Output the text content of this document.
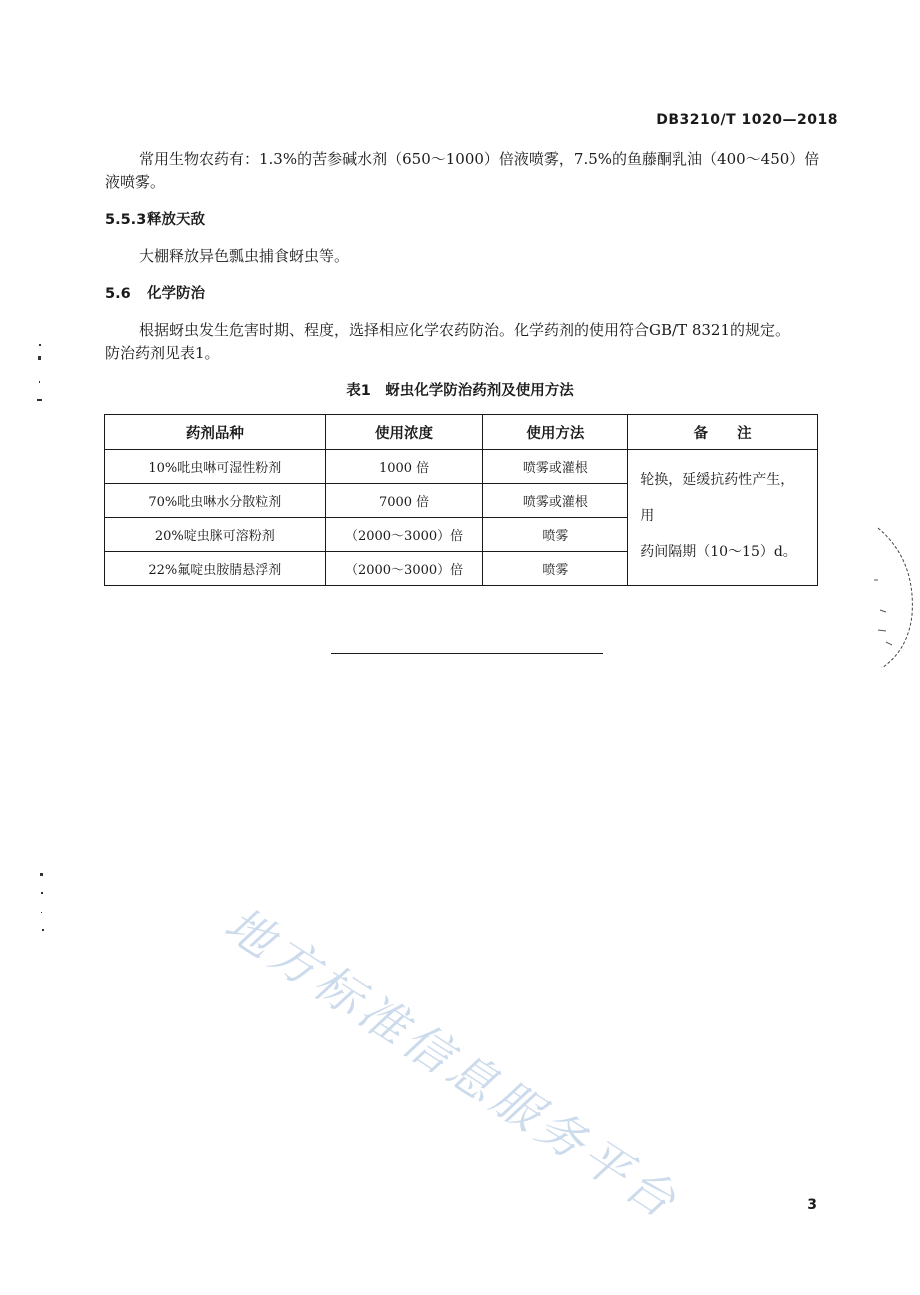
DB3210/T 1020—2018
常用生物农药有：1.3%的苦参碱水剂（650～1000）倍液喷雾，7.5%的鱼藤酮乳油（400～450）倍
液喷雾。
5.5.3释放天敌
大棚释放异色瓢虫捕食蚜虫等。
5.6 化学防治
根据蚜虫发生危害时期、程度，选择相应化学农药防治。化学药剂的使用符合GB/T 8321的规定。
防治药剂见表1。
表1　蚜虫化学防治药剂及使用方法
药剂品种	使用浓度	使用方法	备　　注
10%吡虫啉可湿性粉剂	1000 倍	喷雾或灌根	轮换，延缓抗药性产生，用
药间隔期（10～15）d。

70%吡虫啉水分散粒剂	7000 倍	喷雾或灌根	
20%啶虫脒可溶粉剂	（2000～3000）倍	喷雾	
22%氟啶虫胺腈悬浮剂	（2000～3000）倍	喷雾	
地方标准信息服务平台	3
